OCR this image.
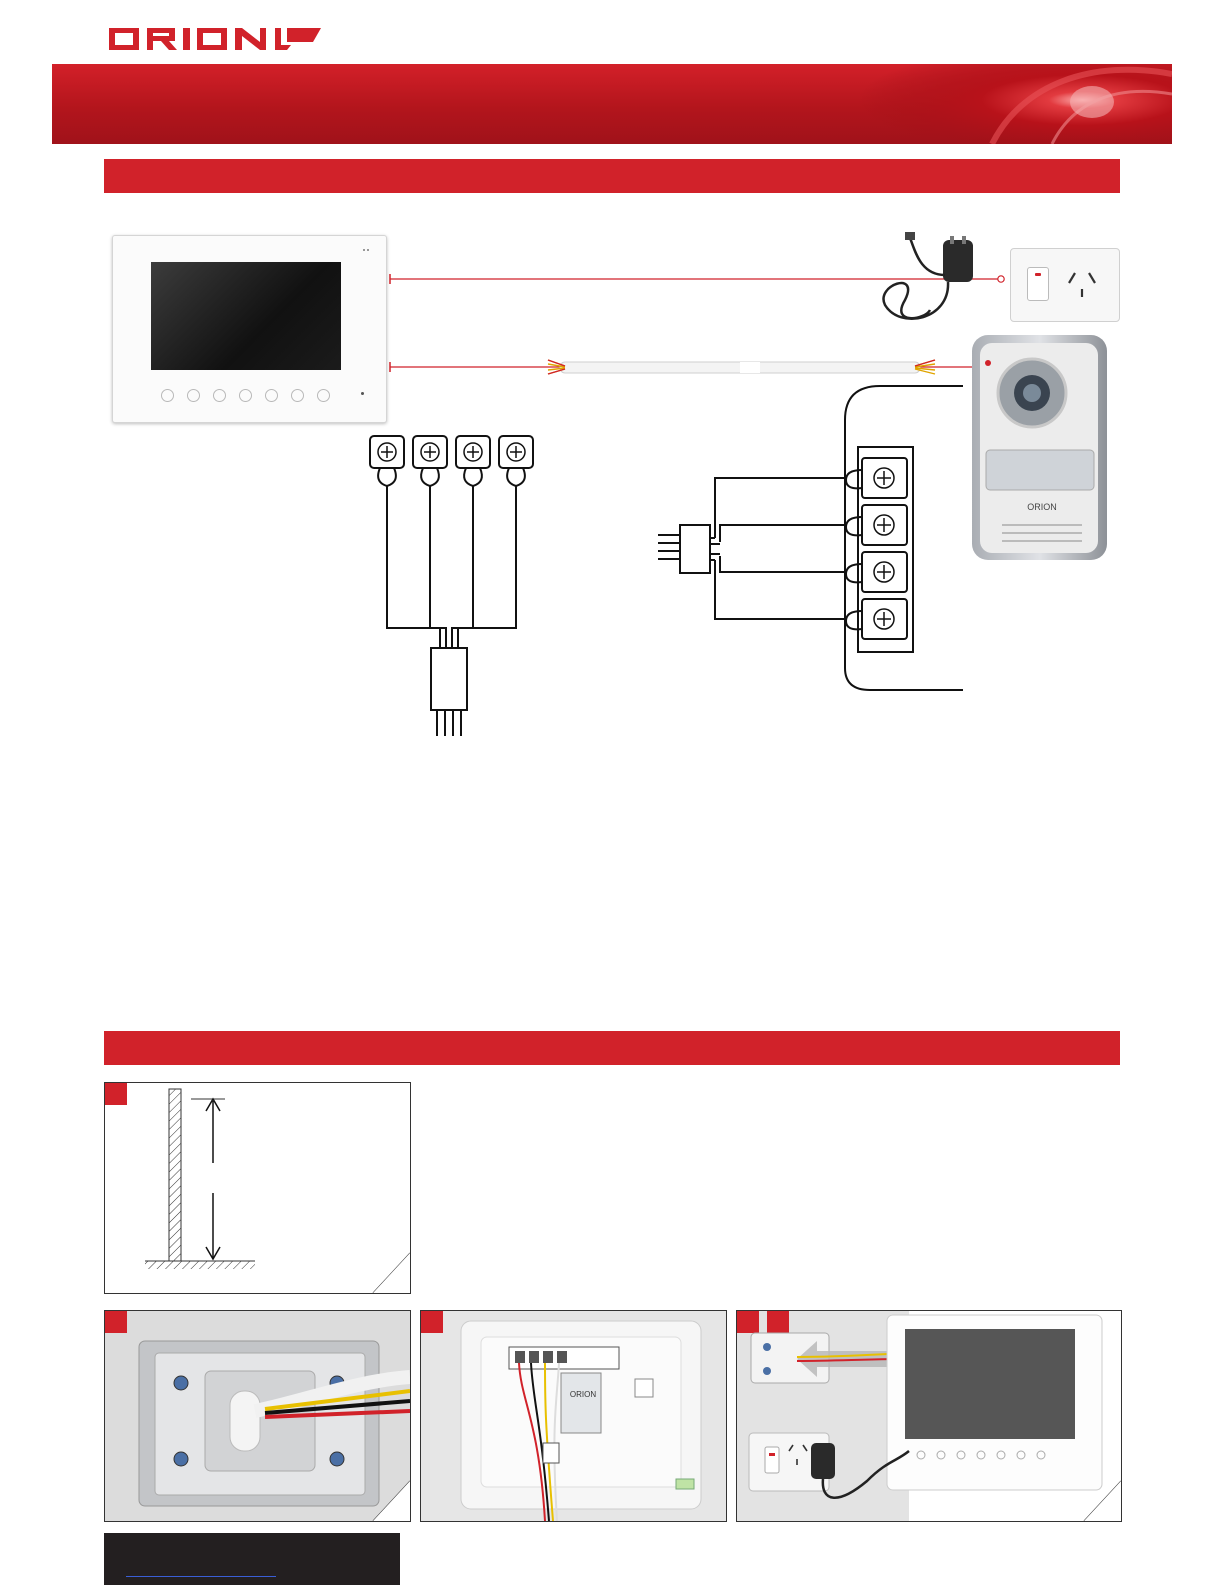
ORION
ORION
